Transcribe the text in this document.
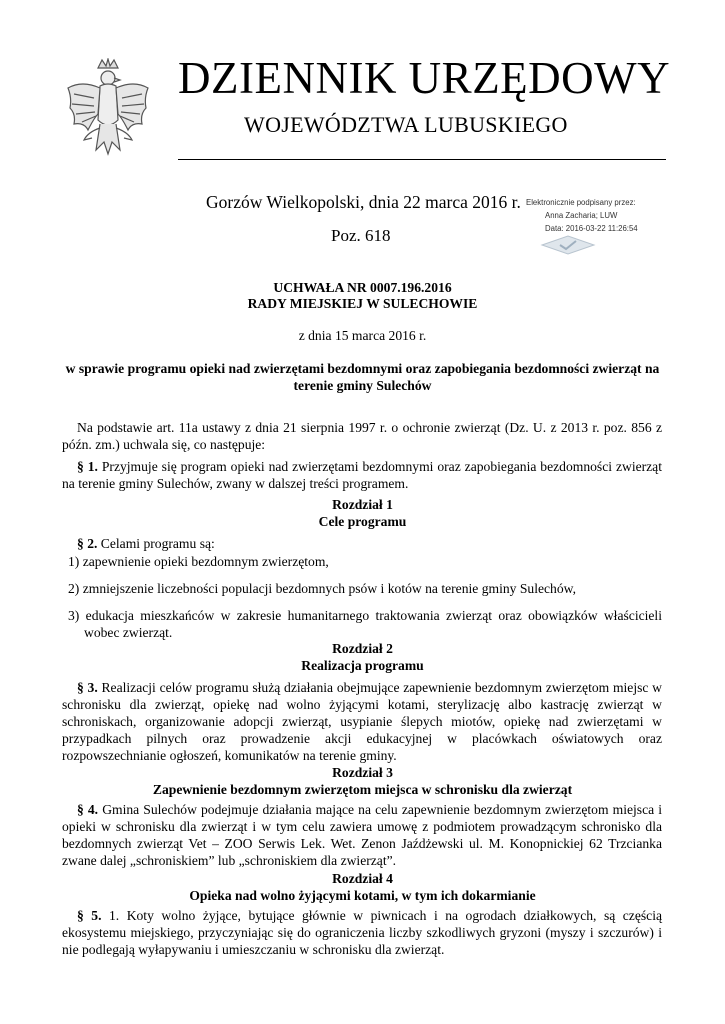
DZIENNIK URZĘDOWY
WOJEWÓDZTWA LUBUSKIEGO
Gorzów Wielkopolski, dnia 22 marca 2016 r.
Poz. 618
Elektronicznie podpisany przez:
Anna Zacharia; LUW
Data: 2016-03-22 11:26:54
UCHWAŁA NR 0007.196.2016
RADY MIEJSKIEJ W SULECHOWIE
z dnia 15 marca 2016 r.
w sprawie programu opieki nad zwierzętami bezdomnymi oraz zapobiegania bezdomności zwierząt na
terenie gminy Sulechów
Na podstawie art. 11a ustawy z dnia 21 sierpnia 1997 r. o ochronie zwierząt (Dz. U. z 2013 r. poz. 856 z późn. zm.) uchwala się, co następuje:
§ 1. Przyjmuje się program opieki nad zwierzętami bezdomnymi oraz zapobiegania bezdomności zwierząt na terenie gminy Sulechów, zwany w dalszej treści programem.
Rozdział 1
Cele programu
§ 2. Celami programu są:
1) zapewnienie opieki bezdomnym zwierzętom,
2) zmniejszenie liczebności populacji bezdomnych psów i kotów na terenie gminy Sulechów,
3) edukacja mieszkańców w zakresie humanitarnego traktowania zwierząt oraz obowiązków właścicieli wobec zwierząt.
Rozdział 2
Realizacja programu
§ 3. Realizacji celów programu służą działania obejmujące zapewnienie bezdomnym zwierzętom miejsc w schronisku dla zwierząt, opiekę nad wolno żyjącymi kotami, sterylizację albo kastrację zwierząt w schroniskach, organizowanie adopcji zwierząt, usypianie ślepych miotów, opiekę nad zwierzętami w przypadkach pilnych oraz prowadzenie akcji edukacyjnej w placówkach oświatowych oraz rozpowszechnianie ogłoszeń, komunikatów na terenie gminy.
Rozdział 3
Zapewnienie bezdomnym zwierzętom miejsca w schronisku dla zwierząt
§ 4. Gmina Sulechów podejmuje działania mające na celu zapewnienie bezdomnym zwierzętom miejsca i opieki w schronisku dla zwierząt i w tym celu zawiera umowę z podmiotem prowadzącym schronisko dla bezdomnych zwierząt Vet – ZOO Serwis Lek. Wet. Zenon Jaźdżewski ul. M. Konopnickiej 62 Trzcianka zwane dalej „schroniskiem” lub „schroniskiem dla zwierząt”.
Rozdział 4
Opieka nad wolno żyjącymi kotami, w tym ich dokarmianie
§ 5. 1. Koty wolno żyjące, bytujące głównie w piwnicach i na ogrodach działkowych, są częścią ekosystemu miejskiego, przyczyniając się do ograniczenia liczby szkodliwych gryzoni (myszy i szczurów) i nie podlegają wyłapywaniu i umieszczaniu w schronisku dla zwierząt.
